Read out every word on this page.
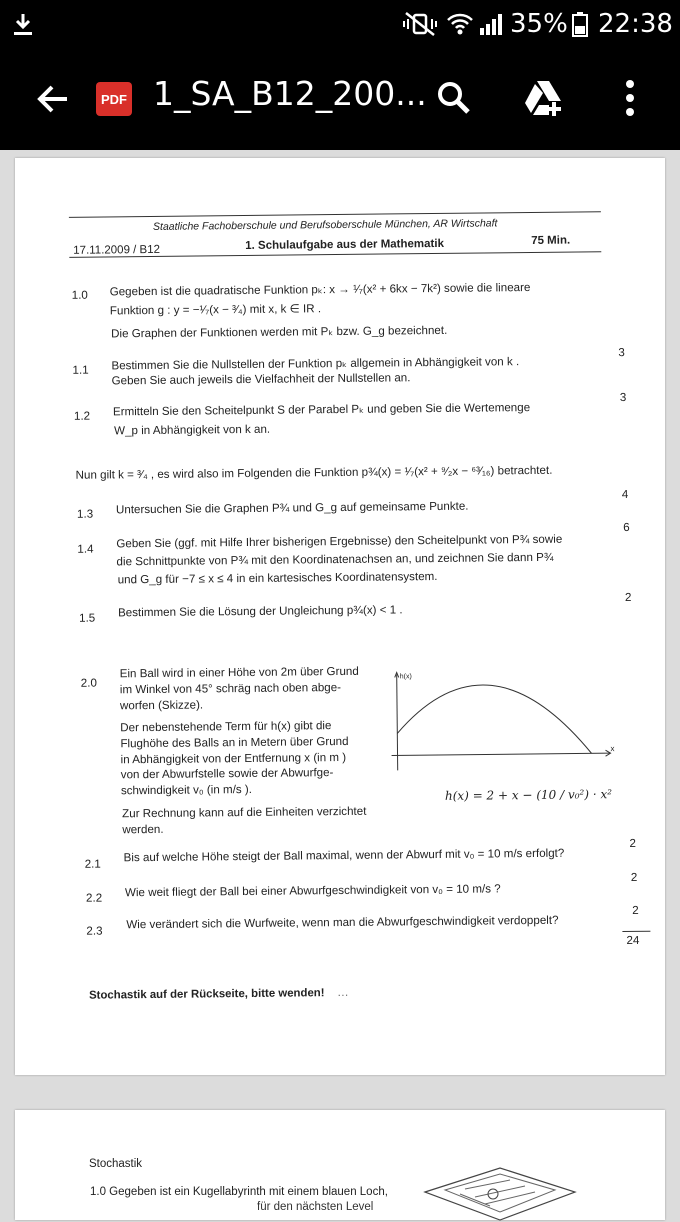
35% 22:38
PDF 1_SA_B12_200...
Staatliche Fachoberschule und Berufsoberschule München, AR Wirtschaft
17.11.2009 / B12	1. Schulaufgabe aus der Mathematik	75 Min.
1.0 Gegeben ist die quadratische Funktion pₖ: x → ¹⁄₇(x² + 6kx − 7k²) sowie die lineare
Funktion g : y = −¹⁄₇(x − ³⁄₄) mit x, k ∈ IR .
Die Graphen der Funktionen werden mit Pₖ bzw. G_g bezeichnet.
1.1 Bestimmen Sie die Nullstellen der Funktion pₖ allgemein in Abhängigkeit von k .
Geben Sie auch jeweils die Vielfachheit der Nullstellen an.
3
1.2 Ermitteln Sie den Scheitelpunkt S der Parabel Pₖ und geben Sie die Wertemenge
W_p in Abhängigkeit von k an.
3
Nun gilt k = ³⁄₄ , es wird also im Folgenden die Funktion p¾(x) = ¹⁄₇(x² + ⁹⁄₂x − ⁶³⁄₁₆) betrachtet.
1.3 Untersuchen Sie die Graphen P¾ und G_g auf gemeinsame Punkte.
4
1.4 Geben Sie (ggf. mit Hilfe Ihrer bisherigen Ergebnisse) den Scheitelpunkt von P¾ sowie
die Schnittpunkte von P¾ mit den Koordinatenachsen an, und zeichnen Sie dann P¾
und G_g für −7 ≤ x ≤ 4 in ein kartesisches Koordinatensystem.
6
1.5 Bestimmen Sie die Lösung der Ungleichung p¾(x) < 1 .
2
2.0
Ein Ball wird in einer Höhe von 2m über Grund
im Winkel von 45° schräg nach oben abge-
worfen (Skizze).
Der nebenstehende Term für h(x) gibt die
Flughöhe des Balls an in Metern über Grund
in Abhängigkeit von der Entfernung x (in m )
von der Abwurfstelle sowie der Abwurfge-
schwindigkeit v₀ (in m/s ).
Zur Rechnung kann auf die Einheiten verzichtet
werden.
h(x)
x
h(x) = 2 + x − (10 / v₀²) · x²
2.1 Bis auf welche Höhe steigt der Ball maximal, wenn der Abwurf mit v₀ = 10 m/s erfolgt?
2
2.2 Wie weit fliegt der Ball bei einer Abwurfgeschwindigkeit von v₀ = 10 m/s ?
2
2.3 Wie verändert sich die Wurfweite, wenn man die Abwurfgeschwindigkeit verdoppelt?
2
24
Stochastik auf der Rückseite, bitte wenden! …
Stochastik
1.0 Gegeben ist ein Kugellabyrinth mit einem blauen Loch,
für den nächsten Level
